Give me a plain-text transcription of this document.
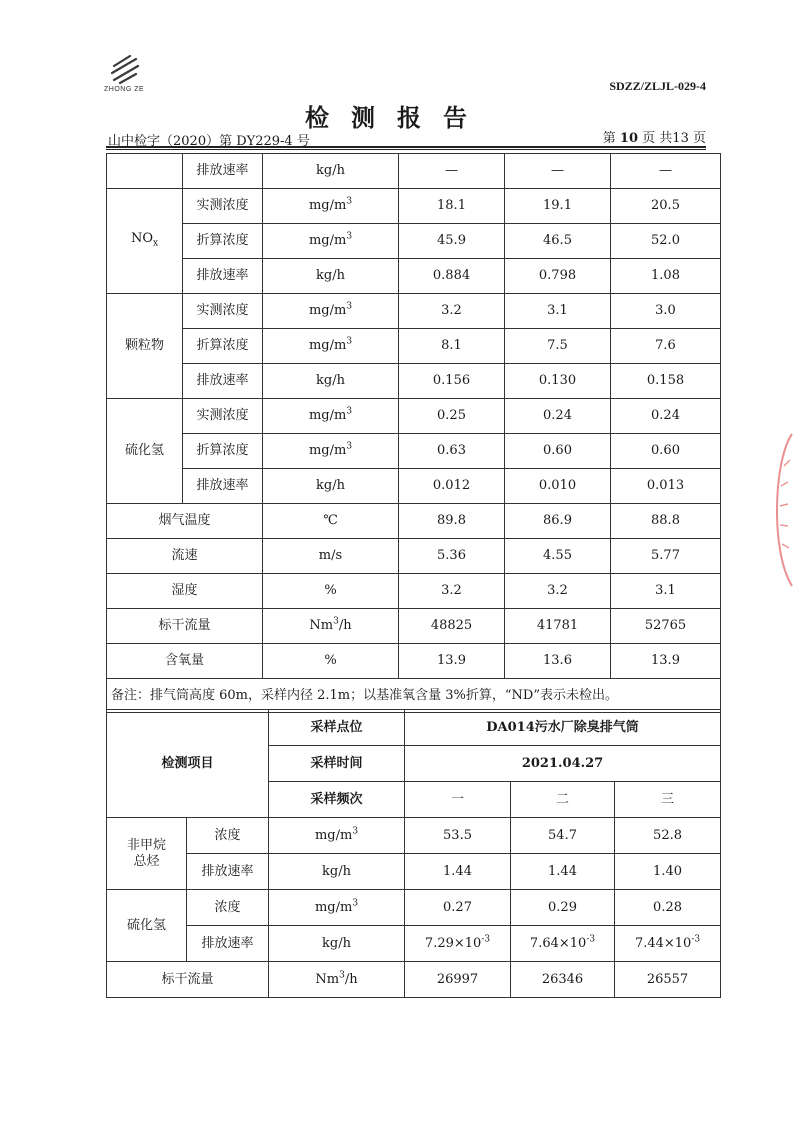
ZHONG ZE	SDZZ/ZLJL-029-4
检测报告
山中检字（2020）第 DY229-4 号	第 10 页 共13 页
	排放速率	kg/h	—	—	—
$NO_x$	实测浓度	$mg/m^3$	18.1	19.1	20.5
	折算浓度	$mg/m^3$	45.9	46.5	52.0
	排放速率	kg/h	0.884	0.798	1.08
颗粒物	实测浓度	$mg/m^3$	3.2	3.1	3.0
	折算浓度	$mg/m^3$	8.1	7.5	7.6
	排放速率	kg/h	0.156	0.130	0.158
硫化氢	实测浓度	$mg/m^3$	0.25	0.24	0.24
	折算浓度	$mg/m^3$	0.63	0.60	0.60
	排放速率	kg/h	0.012	0.010	0.013
烟气温度		℃	89.8	86.9	88.8
流速		m/s	5.36	4.55	5.77
湿度		%	3.2	3.2	3.1
标干流量		Nm$^3$/h	48825	41781	52765
含氧量		%	13.9	13.6	13.9
备注：排气筒高度 60m，采样内径 2.1m；以基准氧含量 3%折算，“ND”表示未检出。					
检测项目		采样点位	DA014污水厂除臭排气筒		
		采样时间	2021.04.27		
		采样频次	一	二	三
非甲烷
总烃	浓度	$mg/m^3$	53.5	54.7	52.8
	排放速率	kg/h	1.44	1.44	1.40
硫化氢	浓度	$mg/m^3$	0.27	0.29	0.28
	排放速率	kg/h	$7.29\times 10^{-3}$	$7.64\times 10^{-3}$	$7.44\times 10^{-3}$
标干流量		Nm$^3$/h	26997	26346	26557
